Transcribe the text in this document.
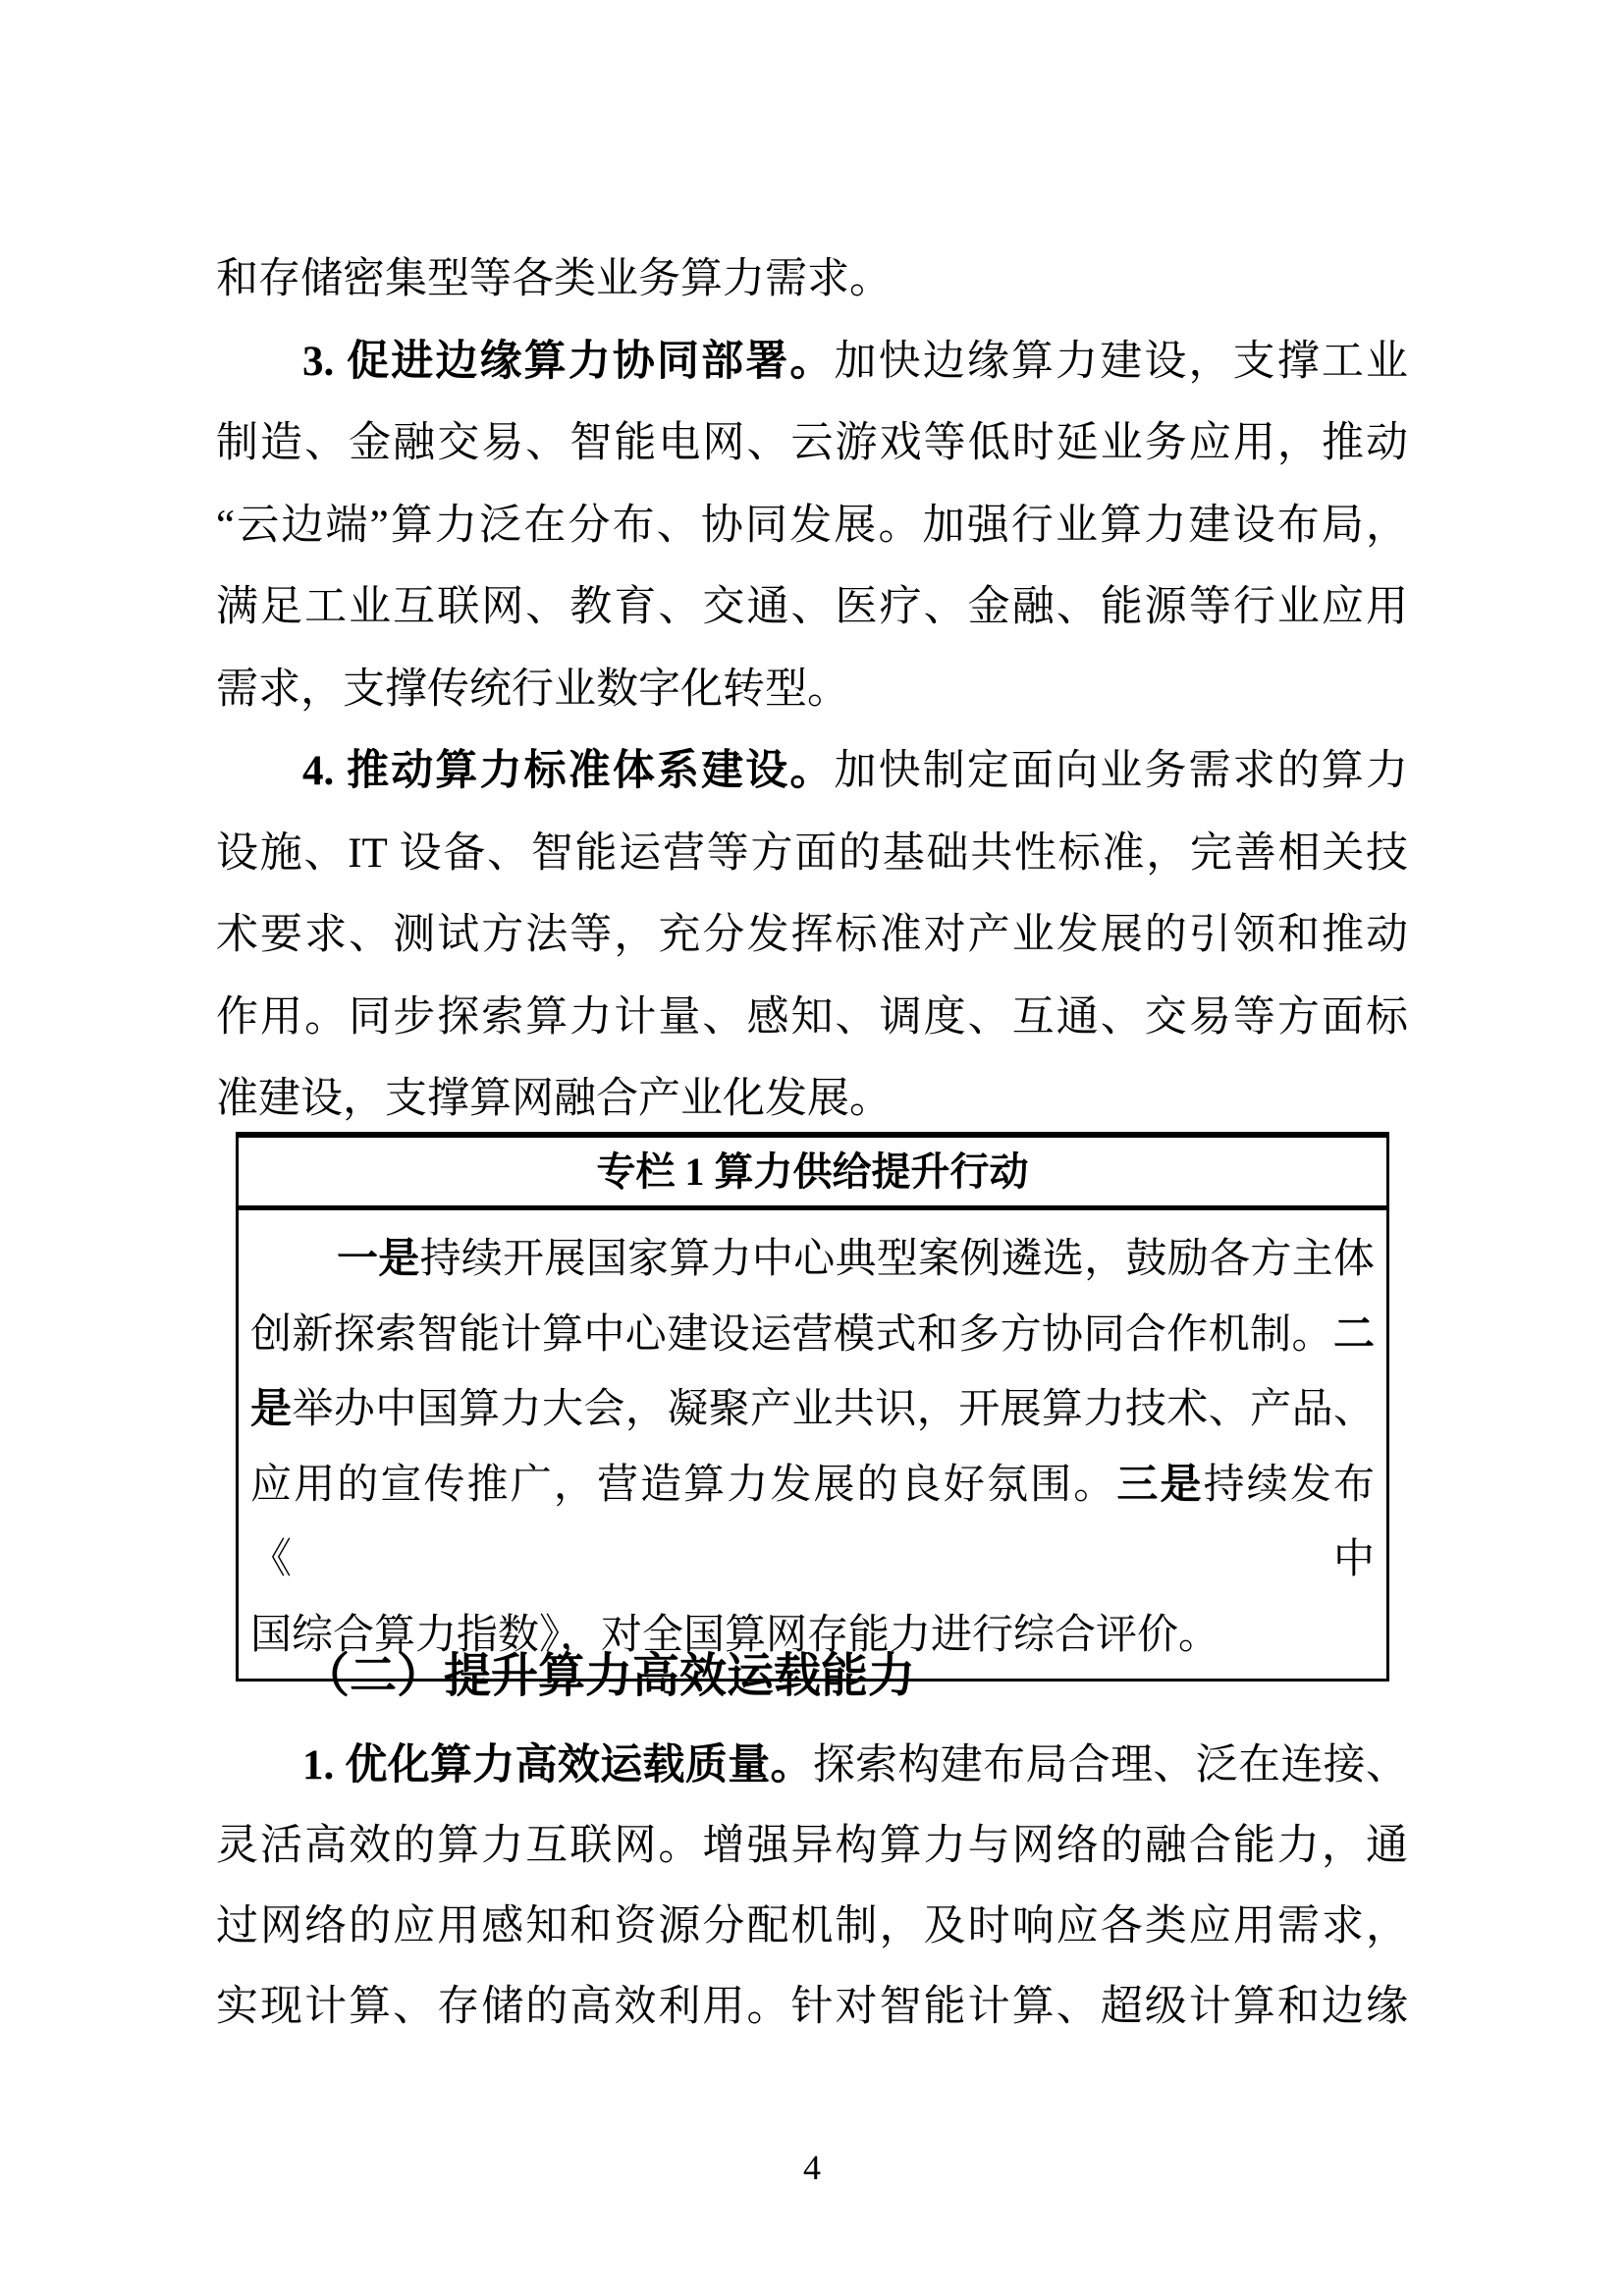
和存储密集型等各类业务算力需求。
3. 促进边缘算力协同部署。加快边缘算力建设，支撑工业
制造、金融交易、智能电网、云游戏等低时延业务应用，推动
“云边端”算力泛在分布、协同发展。加强行业算力建设布局，
满足工业互联网、教育、交通、医疗、金融、能源等行业应用
需求，支撑传统行业数字化转型。
4. 推动算力标准体系建设。加快制定面向业务需求的算力
设施、IT 设备、智能运营等方面的基础共性标准，完善相关技
术要求、测试方法等，充分发挥标准对产业发展的引领和推动
作用。同步探索算力计量、感知、调度、互通、交易等方面标
准建设，支撑算网融合产业化发展。
专栏 1 算力供给提升行动
一是持续开展国家算力中心典型案例遴选，鼓励各方主体
创新探索智能计算中心建设运营模式和多方协同合作机制。二
是举办中国算力大会，凝聚产业共识，开展算力技术、产品、
应用的宣传推广，营造算力发展的良好氛围。三是持续发布《中
国综合算力指数》，对全国算网存能力进行综合评价。
（二）提升算力高效运载能力
1. 优化算力高效运载质量。探索构建布局合理、泛在连接、
灵活高效的算力互联网。增强异构算力与网络的融合能力，通
过网络的应用感知和资源分配机制，及时响应各类应用需求，
实现计算、存储的高效利用。针对智能计算、超级计算和边缘
4
